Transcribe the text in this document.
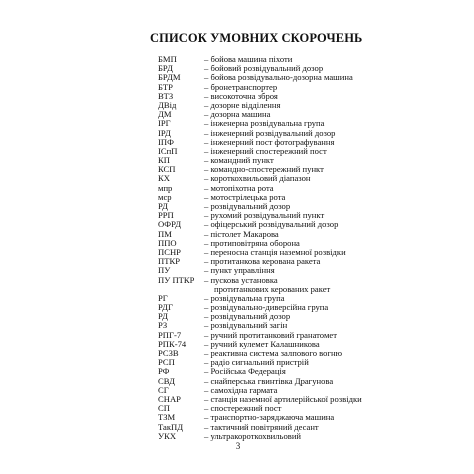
СПИСОК УМОВНИХ СКОРОЧЕНЬ
БМП	– бойова машина піхоти
БРД	– бойовий розвідувальний дозор
БРДМ	– бойова розвідувально-дозорна машина
БТР	– бронетранспортер
ВТЗ	– високоточна зброя
ДВід	– дозорне відділення
ДМ	– дозорна машина
ІРГ	– інженерна розвідувальна група
ІРД	– інженерний розвідувальний дозор
ІПФ	– інженерний пост фотографування
ІСпП	– інженерний спостережний пост
КП	– командний пункт
КСП	– командно-спостережний пункт
КХ	– короткохвильовий діапазон
мпр	– мотопіхотна рота
мср	– мотострілецька рота
РД	– розвідувальний дозор
РРП	– рухомий розвідувальний пункт
ОФРД	– офіцерський розвідувальний дозор
ПМ	– пістолет Макарова
ППО	– протиповітряна оборона
ПСНР	– переносна станція наземної розвідки
ПТКР	– протитанкова керована ракета
ПУ	– пункт управління
ПУ ПТКР	– пускова установка
протитанкових керованих ракет
РГ	– розвідувальна група
РДГ	– розвідувально-диверсійна група
РД	– розвідувальний дозор
РЗ	– розвідувальний загін
РПГ-7	– ручний протитанковий гранатомет
РПК-74	– ручний кулемет Калашникова
РСЗВ	– реактивна система залпового вогню
РСП	– радіо сигнальний пристрій
РФ	– Російська Федерація
СВД	– снайперська гвинтівка Драгунова
СГ	– самохідна гармата
СНАР	– станція наземної артилерійської розвідки
СП	– спостережний пост
ТЗМ	– транспортно-заряджаюча машина
ТакПД	– тактичний повітряний десант
УКХ	– ультракороткохвильовий
3
